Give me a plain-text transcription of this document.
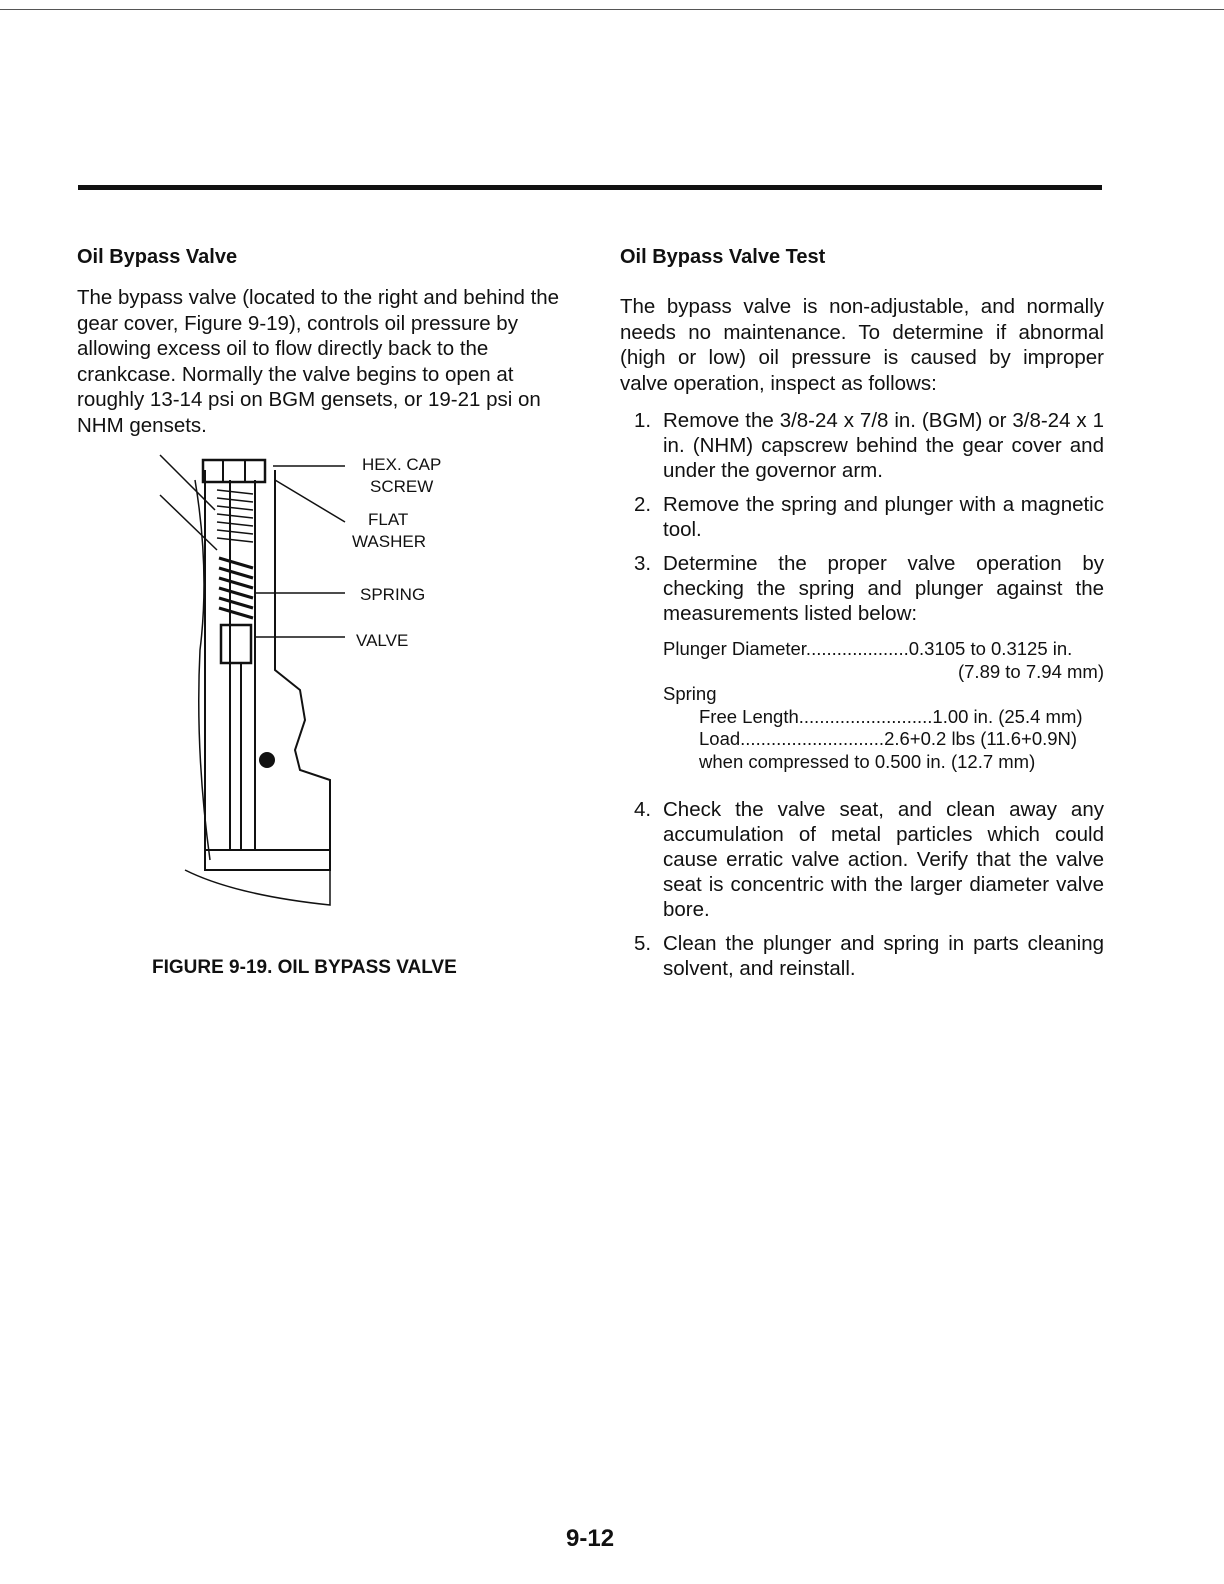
Oil Bypass Valve

The bypass valve (located to the right and behind the gear cover, Figure 9-19), controls oil pressure by allowing excess oil to flow directly back to the crankcase. Normally the valve begins to open at roughly 13-14 psi on BGM gensets, or 19-21 psi on NHM gensets.

HEX. CAP
SCREW
FLAT
WASHER
SPRING
VALVE

FIGURE 9-19. OIL BYPASS VALVE

Oil Bypass Valve Test

The bypass valve is non-adjustable, and normally needs no maintenance. To determine if abnormal (high or low) oil pressure is caused by improper valve operation, inspect as follows:

1. Remove the 3/8-24 x 7/8 in. (BGM) or 3/8-24 x 1 in. (NHM) capscrew behind the gear cover and under the governor arm.
2. Remove the spring and plunger with a magnetic tool.
3. Determine the proper valve operation by checking the spring and plunger against the measurements listed below:
Plunger Diameter....................0.3105 to 0.3125 in.
(7.89 to 7.94 mm)
Spring
Free Length..........................1.00 in. (25.4 mm)
Load............................2.6+0.2 lbs (11.6+0.9N)
when compressed to 0.500 in. (12.7 mm)
4. Check the valve seat, and clean away any accumulation of metal particles which could cause erratic valve action. Verify that the valve seat is concentric with the larger diameter valve bore.
5. Clean the plunger and spring in parts cleaning solvent, and reinstall.

9-12
